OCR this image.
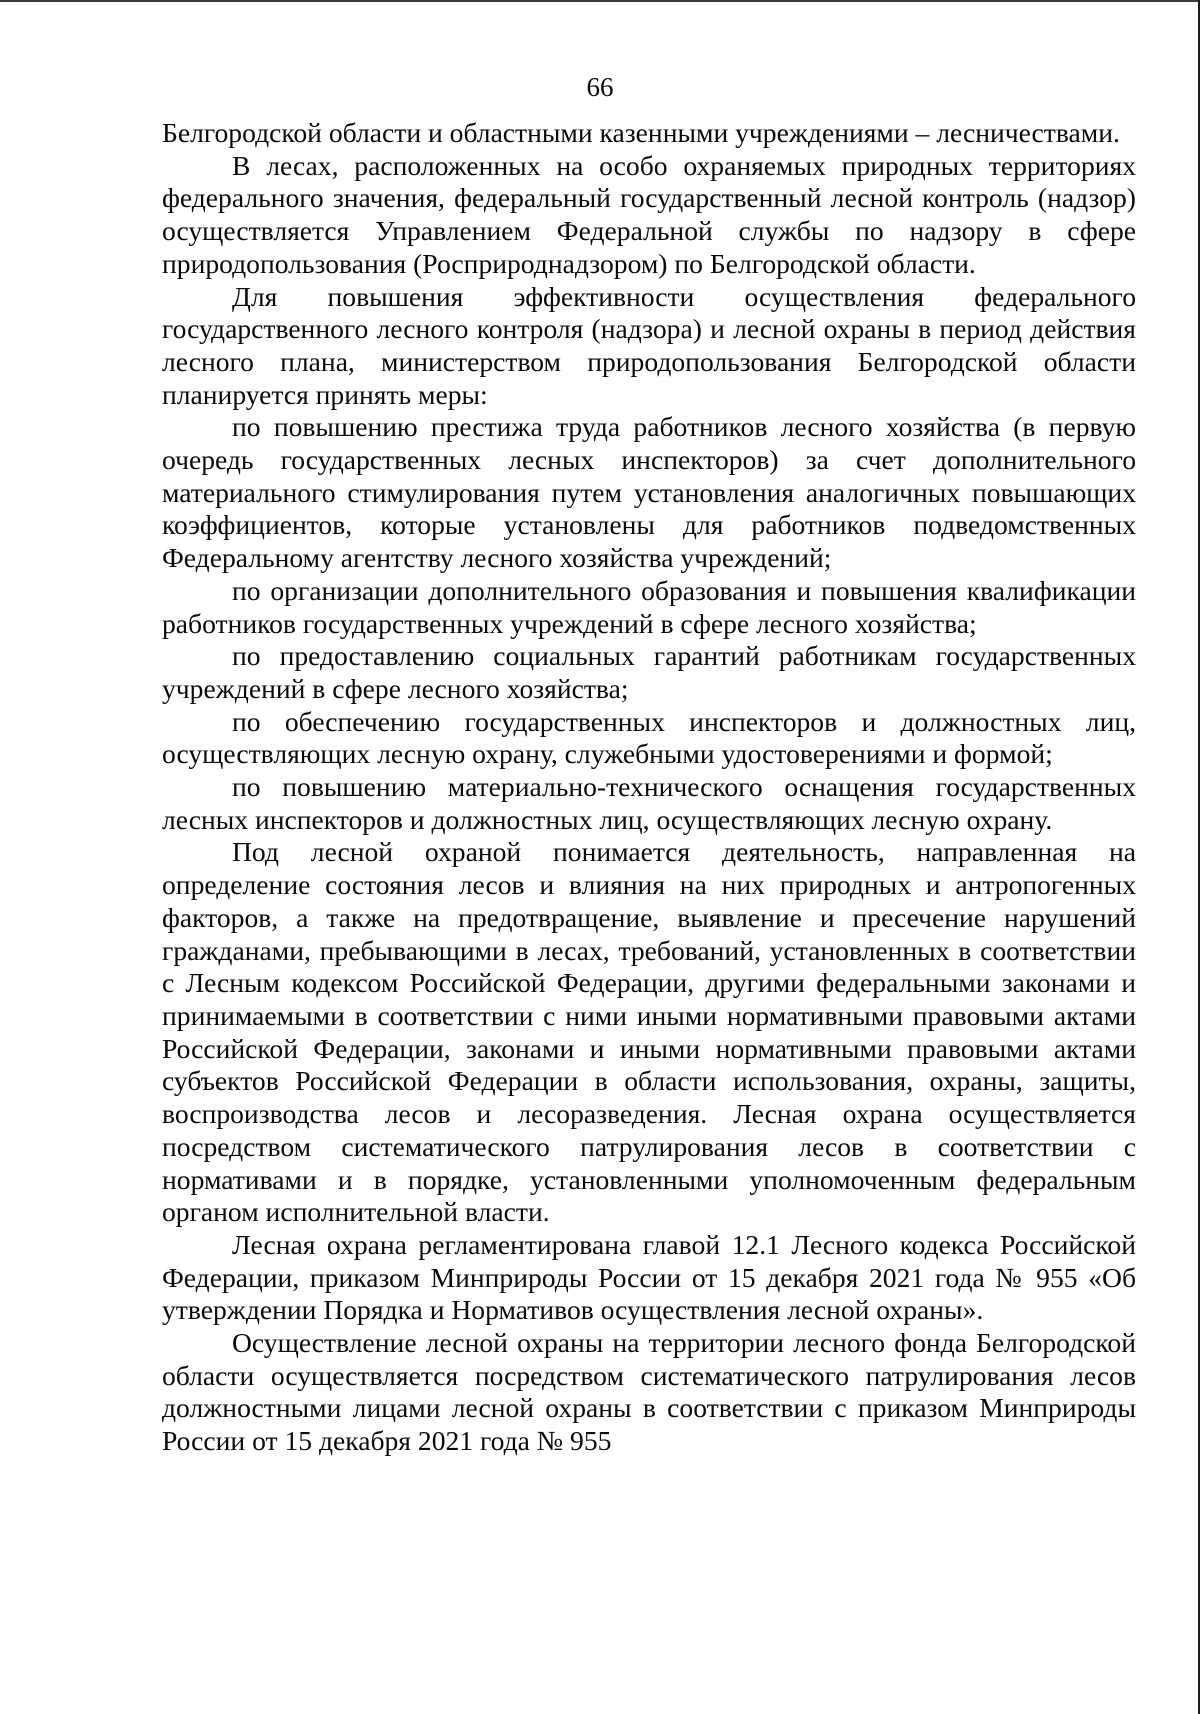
66

Белгородской области и областными казенными учреждениями – лесничествами.

В лесах, расположенных на особо охраняемых природных территориях федерального значения, федеральный государственный лесной контроль (надзор) осуществляется Управлением Федеральной службы по надзору в сфере природопользования (Росприроднадзором) по Белгородской области.

Для повышения эффективности осуществления федерального государственного лесного контроля (надзора) и лесной охраны в период действия лесного плана, министерством природопользования Белгородской области планируется принять меры:

по повышению престижа труда работников лесного хозяйства (в первую очередь государственных лесных инспекторов) за счет дополнительного материального стимулирования путем установления аналогичных повышающих коэффициентов, которые установлены для работников подведомственных Федеральному агентству лесного хозяйства учреждений;

по организации дополнительного образования и повышения квалификации работников государственных учреждений в сфере лесного хозяйства;

по предоставлению социальных гарантий работникам государственных учреждений в сфере лесного хозяйства;

по обеспечению государственных инспекторов и должностных лиц, осуществляющих лесную охрану, служебными удостоверениями и формой;

по повышению материально-технического оснащения государственных лесных инспекторов и должностных лиц, осуществляющих лесную охрану.

Под лесной охраной понимается деятельность, направленная на определение состояния лесов и влияния на них природных и антропогенных факторов, а также на предотвращение, выявление и пресечение нарушений гражданами, пребывающими в лесах, требований, установленных в соответствии с Лесным кодексом Российской Федерации, другими федеральными законами и принимаемыми в соответствии с ними иными нормативными правовыми актами Российской Федерации, законами и иными нормативными правовыми актами субъектов Российской Федерации в области использования, охраны, защиты, воспроизводства лесов и лесоразведения. Лесная охрана осуществляется посредством систематического патрулирования лесов в соответствии с нормативами и в порядке, установленными уполномоченным федеральным органом исполнительной власти.

Лесная охрана регламентирована главой 12.1 Лесного кодекса Российской Федерации, приказом Минприроды России от 15 декабря 2021 года № 955 «Об утверждении Порядка и Нормативов осуществления лесной охраны».

Осуществление лесной охраны на территории лесного фонда Белгородской области осуществляется посредством систематического патрулирования лесов должностными лицами лесной охраны в соответствии с приказом Минприроды России от 15 декабря 2021 года № 955
